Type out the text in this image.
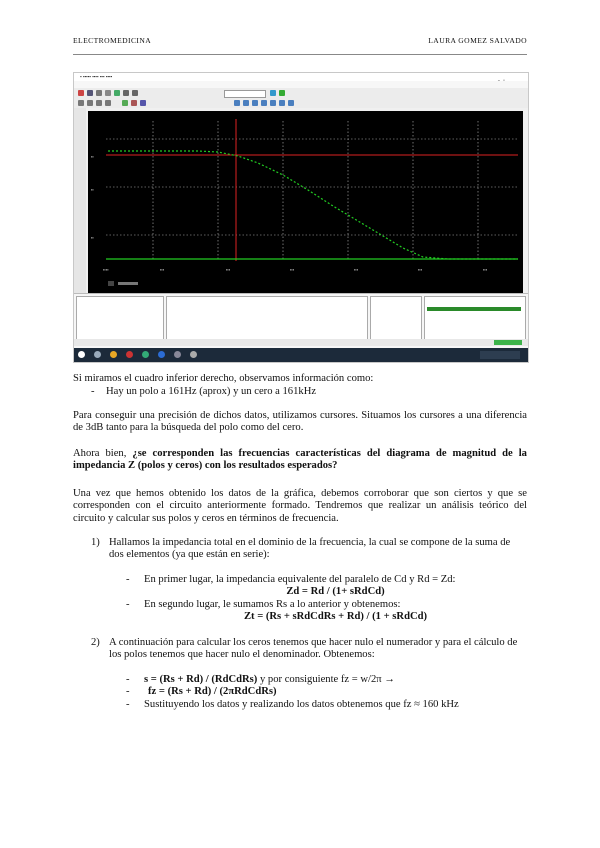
ELECTROMEDICINA	LAURA GOMEZ SALVADO
▪ ▪▪▪▪▪ ▪▪▪▪ ▪▪▪ ▪▪▪▪
▪▪
▪▪
▪▪
▪▪▪▪	▪▪▪	▪▪▪	▪▪▪	▪▪▪	▪▪▪	▪▪▪
Si miramos el cuadro inferior derecho, observamos información como:
- Hay un polo a 161Hz (aprox) y un cero a 161kHz
Para conseguir una precisión de dichos datos, utilizamos cursores. Situamos los cursores a una diferencia de 3dB tanto para la búsqueda del polo como del cero.
Ahora bien, ¿se corresponden las frecuencias características del diagrama de magnitud de la impedancia Z (polos y ceros) con los resultados esperados?
Una vez que hemos obtenido los datos de la gráfica, debemos corroborar que son ciertos y que se corresponden con el circuito anteriormente formado. Tendremos que realizar un análisis teórico del circuito y calcular sus polos y ceros en términos de frecuencia.
1) Hallamos la impedancia total en el dominio de la frecuencia, la cual se compone de la suma de dos elementos (ya que están en serie):
- En primer lugar, la impedancia equivalente del paralelo de Cd y Rd = Zd:
Zd = Rd / (1+ sRdCd)
- En segundo lugar, le sumamos Rs a lo anterior y obtenemos:
Zt = (Rs + sRdCdRs + Rd) / (1 + sRdCd)
2) A continuación para calcular los ceros tenemos que hacer nulo el numerador y para el cálculo de los polos tenemos que hacer nulo el denominador. Obtenemos:
- s = (Rs + Rd) / (RdCdRs) y por consiguiente fz = w/2π →
- fz = (Rs + Rd) / (2πRdCdRs)
- Sustituyendo los datos y realizando los datos obtenemos que fz ≈ 160 kHz
